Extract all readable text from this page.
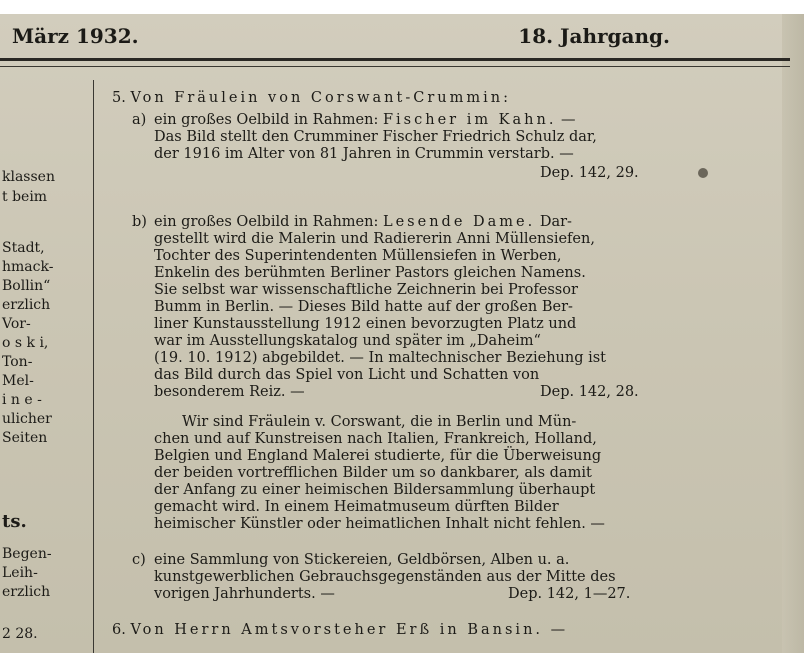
März 1932.	18. Jahrgang.
klassen
t beim
Stadt,
hmack-
Bollin“
erzlich
Vor-
o s k i,
Ton-
Mel-
i n e -
ulicher
Seiten
ts.
Begen-
Leih-
erzlich
2 28.
5. Von Fräulein von Corswant-Crummin:
a) ein großes Oelbild in Rahmen: Fischer im Kahn. —
Das Bild stellt den Crumminer Fischer Friedrich Schulz dar,
der 1916 im Alter von 81 Jahren in Crummin verstarb. —
Dep. 142, 29.
b) ein großes Oelbild in Rahmen: Lesende Dame. Dar-
gestellt wird die Malerin und Radiererin Anni Müllensiefen,
Tochter des Superintendenten Müllensiefen in Werben,
Enkelin des berühmten Berliner Pastors gleichen Namens.
Sie selbst war wissenschaftliche Zeichnerin bei Professor
Bumm in Berlin. — Dieses Bild hatte auf der großen Ber-
liner Kunstausstellung 1912 einen bevorzugten Platz und
war im Ausstellungskatalog und später im „Daheim“
(19. 10. 1912) abgebildet. — In maltechnischer Beziehung ist
das Bild durch das Spiel von Licht und Schatten von
besonderem Reiz. —	Dep. 142, 28.
Wir sind Fräulein v. Corswant, die in Berlin und Mün-
chen und auf Kunstreisen nach Italien, Frankreich, Holland,
Belgien und England Malerei studierte, für die Überweisung
der beiden vortrefflichen Bilder um so dankbarer, als damit
der Anfang zu einer heimischen Bildersammlung überhaupt
gemacht wird. In einem Heimatmuseum dürften Bilder
heimischer Künstler oder heimatlichen Inhalt nicht fehlen. —
c) eine Sammlung von Stickereien, Geldbörsen, Alben u. a.
kunstgewerblichen Gebrauchsgegenständen aus der Mitte des
vorigen Jahrhunderts. —	Dep. 142, 1—27.
6. Von Herrn Amtsvorsteher Erß in Bansin. —
